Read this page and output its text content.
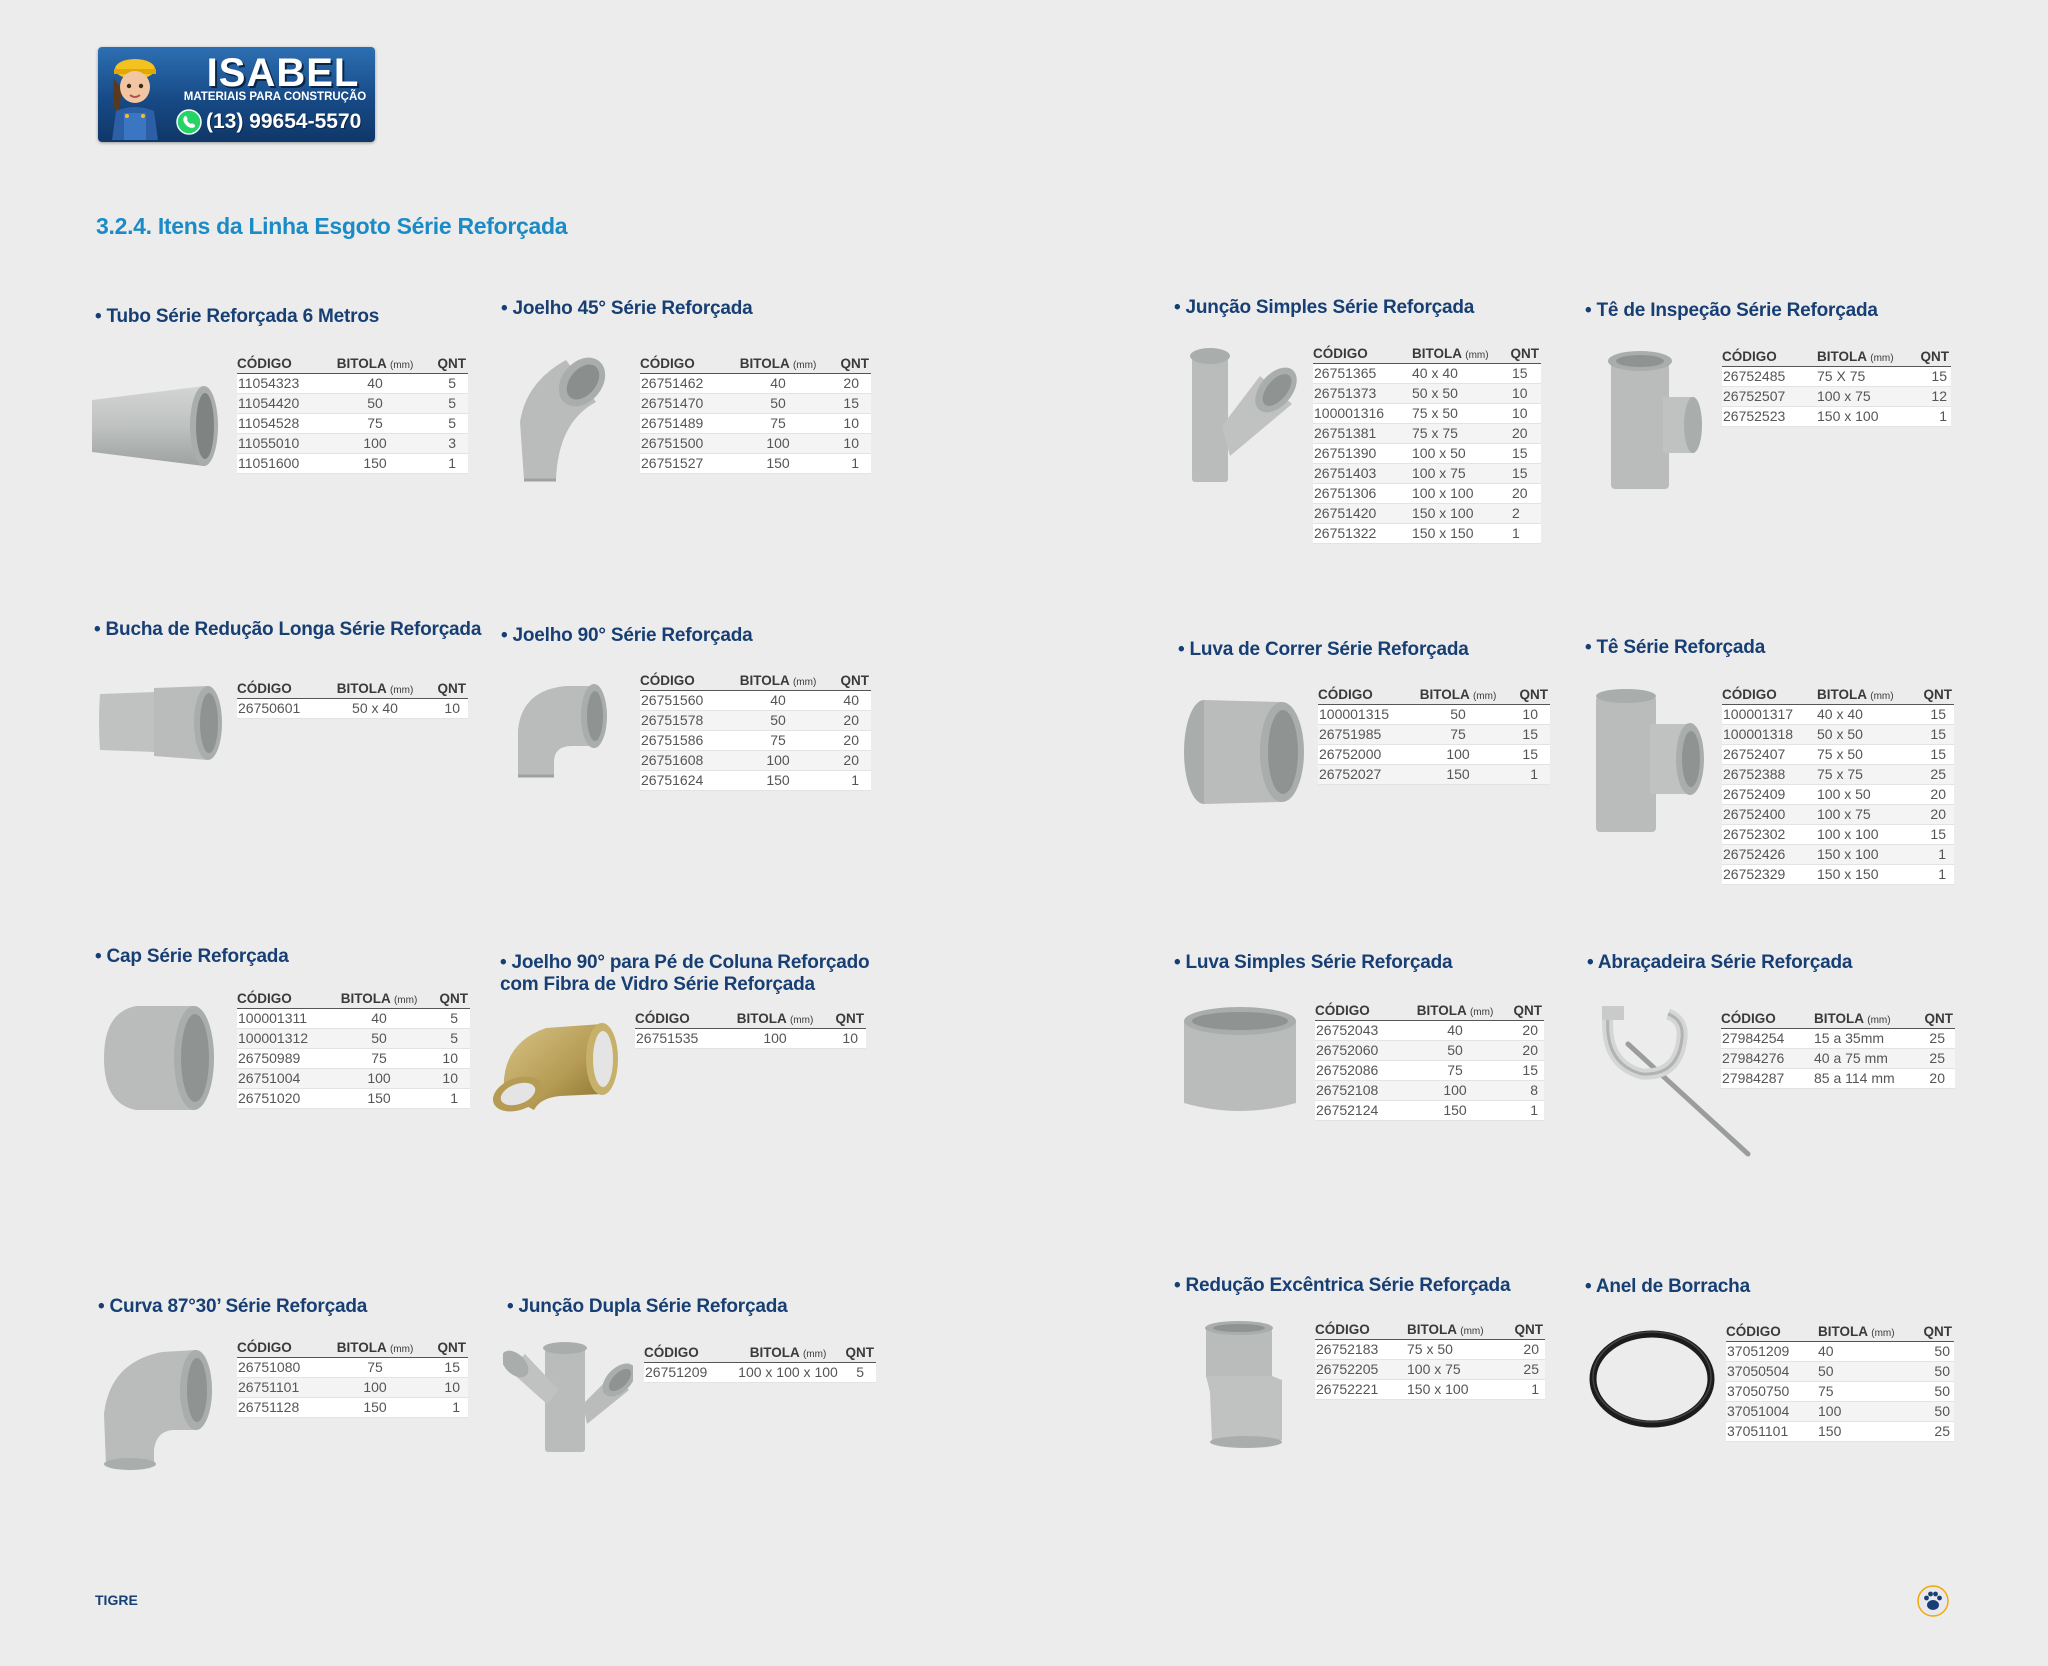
ISABEL
MATERIAIS PARA CONSTRUÇÃO
(13) 99654-5570
3.2.4. Itens da Linha Esgoto Série Reforçada
• Tubo Série Reforçada 6 Metros
CÓDIGO	BITOLA (mm)	QNT
11054323	40	5
11054420	50	5
11054528	75	5
11055010	100	3
11051600	150	1
• Joelho 45° Série Reforçada
CÓDIGO	BITOLA (mm)	QNT
26751462	40	20
26751470	50	15
26751489	75	10
26751500	100	10
26751527	150	1
• Junção Simples Série Reforçada
CÓDIGO	BITOLA (mm)	QNT
26751365	40 x 40	15
26751373	50 x 50	10
100001316	75 x 50	10
26751381	75 x 75	20
26751390	100 x 50	15
26751403	100 x 75	15
26751306	100 x 100	20
26751420	150 x 100	2
26751322	150 x 150	1
• Tê de Inspeção Série Reforçada
CÓDIGO	BITOLA (mm)	QNT
26752485	75 X 75	15
26752507	100 x 75	12
26752523	150 x 100	1
• Bucha de Redução Longa Série Reforçada
CÓDIGO	BITOLA (mm)	QNT
26750601	50 x 40	10
• Joelho 90° Série Reforçada
CÓDIGO	BITOLA (mm)	QNT
26751560	40	40
26751578	50	20
26751586	75	20
26751608	100	20
26751624	150	1
• Luva de Correr Série Reforçada
CÓDIGO	BITOLA (mm)	QNT
100001315	50	10
26751985	75	15
26752000	100	15
26752027	150	1
• Tê Série Reforçada
CÓDIGO	BITOLA (mm)	QNT
100001317	40 x 40	15
100001318	50 x 50	15
26752407	75 x 50	15
26752388	75 x 75	25
26752409	100 x 50	20
26752400	100 x 75	20
26752302	100 x 100	15
26752426	150 x 100	1
26752329	150 x 150	1
• Cap Série Reforçada
CÓDIGO	BITOLA (mm)	QNT
100001311	40	5
100001312	50	5
26750989	75	10
26751004	100	10
26751020	150	1
• Joelho 90° para Pé de Coluna Reforçado
com Fibra de Vidro Série Reforçada
CÓDIGO	BITOLA (mm)	QNT
26751535	100	10
• Luva Simples Série Reforçada
CÓDIGO	BITOLA (mm)	QNT
26752043	40	20
26752060	50	20
26752086	75	15
26752108	100	8
26752124	150	1
• Abraçadeira Série Reforçada
CÓDIGO	BITOLA (mm)	QNT
27984254	15 a 35mm	25
27984276	40 a 75 mm	25
27984287	85 a 114 mm	20
• Curva 87°30’ Série Reforçada
CÓDIGO	BITOLA (mm)	QNT
26751080	75	15
26751101	100	10
26751128	150	1
• Junção Dupla Série Reforçada
CÓDIGO	BITOLA (mm)	QNT
26751209	100 x 100 x 100	5
• Redução Excêntrica Série Reforçada
CÓDIGO	BITOLA (mm)	QNT
26752183	75 x 50	20
26752205	100 x 75	25
26752221	150 x 100	1
• Anel de Borracha
CÓDIGO	BITOLA (mm)	QNT
37051209	40	50
37050504	50	50
37050750	75	50
37051004	100	50
37051101	150	25
TIGRE
